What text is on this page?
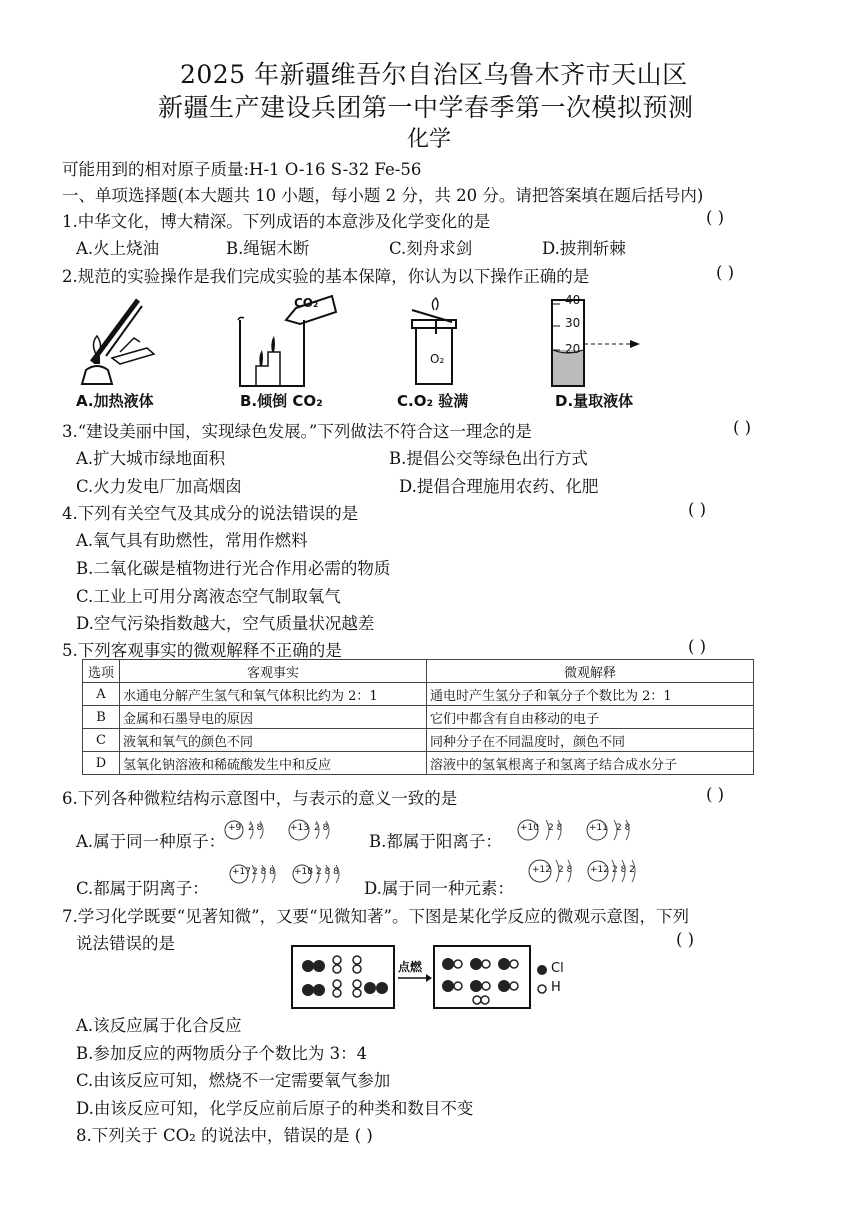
2025 年新疆维吾尔自治区乌鲁木齐市天山区
新疆生产建设兵团第一中学春季第一次模拟预测
化学
可能用到的相对原子质量:H-1 O-16 S-32 Fe-56
一、单项选择题(本大题共 10 小题，每小题 2 分，共 20 分。请把答案填在题后括号内)
1.中华文化，博大精深。下列成语的本意涉及化学变化的是	( )
A.火上烧油	B.绳锯木断	C.刻舟求剑	D.披荆斩棘
2.规范的实验操作是我们完成实验的基本保障，你认为以下操作正确的是	( )
A.加热液体
CO₂
B.倾倒 CO₂
O₂
C.O₂ 验满
40
30
20
D.量取液体
3.“建设美丽中国，实现绿色发展。”下列做法不符合这一理念的是	( )
A.扩大城市绿地面积	B.提倡公交等绿色出行方式
C.火力发电厂加高烟囱	D.提倡合理施用农药、化肥
4.下列有关空气及其成分的说法错误的是	( )
A.氧气具有助燃性，常用作燃料
B.二氧化碳是植物进行光合作用必需的物质
C.工业上可用分离液态空气制取氧气
D.空气污染指数越大，空气质量状况越差
5.下列客观事实的微观解释不正确的是	( )
选项	客观事实	微观解释
A	水通电分解产生氢气和氧气体积比约为 2：1	通电时产生氢分子和氧分子个数比为 2：1
B	金属和石墨导电的原因	它们中都含有自由移动的电子
C	液氧和氧气的颜色不同	同种分子在不同温度时，颜色不同
D	氢氧化钠溶液和稀硫酸发生中和反应	溶液中的氢氧根离子和氢离子结合成水分子
6.下列各种微粒结构示意图中，与表示的意义一致的是	( )
A.属于同一种原子：	B.都属于阳离子：
C.都属于阴离子：	D.属于同一种元素：
+9 2 8	+13 2 8	+10 2 8	+11 2 8
+17 2 8 8 +18 2 8 8	+12 2 8 +12 2 8 2
7.学习化学既要“见著知微”，又要“见微知著”。下图是某化学反应的微观示意图，下列
说法错误的是	( )
点燃	Cl
H
A.该反应属于化合反应
B.参加反应的两物质分子个数比为 3：4
C.由该反应可知，燃烧不一定需要氧气参加
D.由该反应可知，化学反应前后原子的种类和数目不变
8.下列关于 CO₂ 的说法中，错误的是 ( )
